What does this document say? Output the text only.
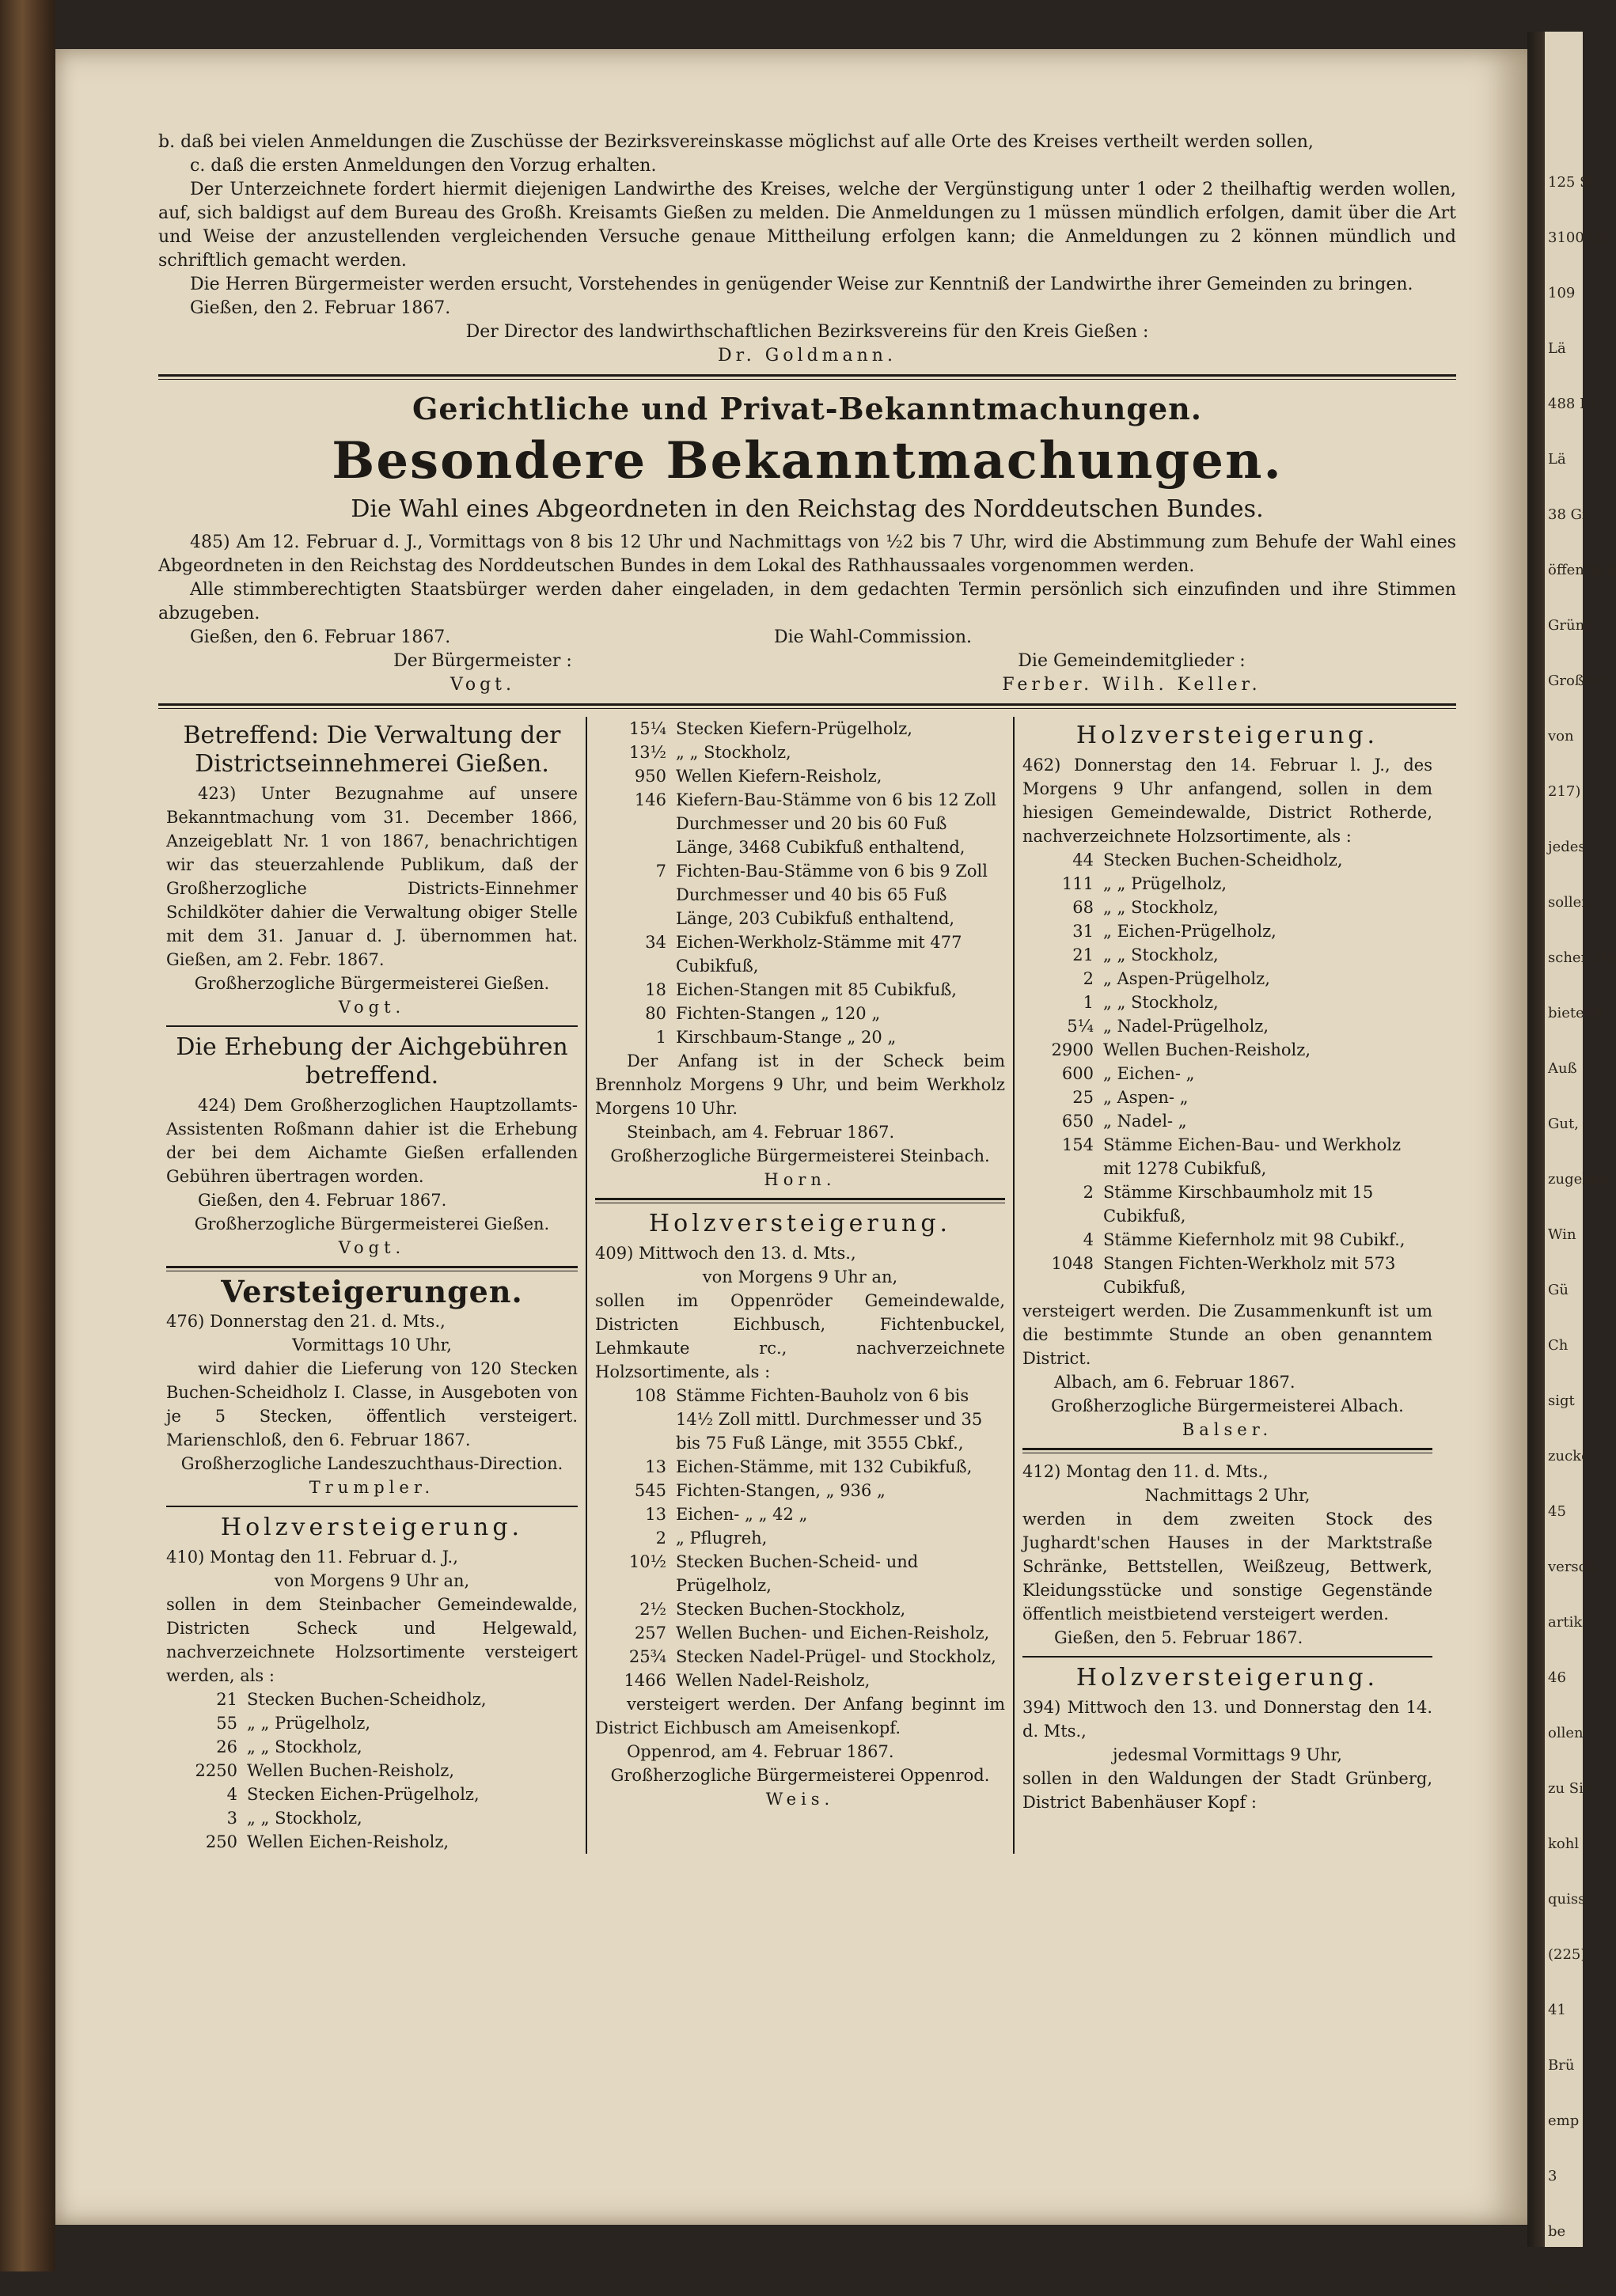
125 St
3100 Gü
109
Lä
488 Ki
Lä
38 Gi
öffentlich
Grünb
Großher
von
217)
jedes
sollen
schen Ho
bietend
Auß
Gut,
zugeben
Win
Gü
Ch
sigt
zucke
45
versch
artik
46
ollen
zu Sie
kohl
quiss
(225)
41
Brü
emp
3
be
de

b. daß bei vielen Anmeldungen die Zuschüsse der Bezirksvereinskasse möglichst auf alle Orte des Kreises vertheilt werden sollen,

c. daß die ersten Anmeldungen den Vorzug erhalten.

Der Unterzeichnete fordert hiermit diejenigen Landwirthe des Kreises, welche der Vergünstigung unter 1 oder 2 theilhaftig werden wollen, auf, sich baldigst auf dem Bureau des Großh. Kreisamts Gießen zu melden. Die Anmeldungen zu 1 müssen mündlich erfolgen, damit über die Art und Weise der anzustellenden vergleichenden Versuche genaue Mittheilung erfolgen kann; die Anmeldungen zu 2 können mündlich und schriftlich gemacht werden.

Die Herren Bürgermeister werden ersucht, Vorstehendes in genügender Weise zur Kenntniß der Landwirthe ihrer Gemeinden zu bringen.

Gießen, den 2. Februar 1867.

Der Director des landwirthschaftlichen Bezirksvereins für den Kreis Gießen :

Dr. Goldmann.

Gerichtliche und Privat-Bekanntmachungen.
Besondere Bekanntmachungen.
Die Wahl eines Abgeordneten in den Reichstag des Norddeutschen Bundes.

485) Am 12. Februar d. J., Vormittags von 8 bis 12 Uhr und Nachmittags von ½2 bis 7 Uhr, wird die Abstimmung zum Behufe der Wahl eines Abgeordneten in den Reichstag des Norddeutschen Bundes in dem Lokal des Rathhaussaales vorgenommen werden.

Alle stimmberechtigten Staatsbürger werden daher eingeladen, in dem gedachten Termin persönlich sich einzufinden und ihre Stimmen abzugeben.

Gießen, den 6. Februar 1867.	Die Wahl-Commission.
Der Bürgermeister :
Vogt.
Die Gemeindemitglieder :
Ferber. Wilh. Keller.
Betreffend: Die Verwaltung der Districtseinnehmerei Gießen.

423) Unter Bezugnahme auf unsere Bekanntmachung vom 31. December 1866, Anzeigeblatt Nr. 1 von 1867, benachrichtigen wir das steuerzahlende Publikum, daß der Großherzogliche Districts-Einnehmer Schildköter dahier die Verwaltung obiger Stelle mit dem 31. Januar d. J. übernommen hat. Gießen, am 2. Febr. 1867.

Großherzogliche Bürgermeisterei Gießen.
Vogt.
Die Erhebung der Aichgebühren betreffend.

424) Dem Großherzoglichen Hauptzollamts-Assistenten Roßmann dahier ist die Erhebung der bei dem Aichamte Gießen erfallenden Gebühren übertragen worden.

Gießen, den 4. Februar 1867.

Großherzogliche Bürgermeisterei Gießen.
Vogt.
Versteigerungen.

476) Donnerstag den 21. d. Mts.,

Vormittags 10 Uhr,

wird dahier die Lieferung von 120 Stecken Buchen-Scheidholz I. Classe, in Ausgeboten von je 5 Stecken, öffentlich versteigert. Marienschloß, den 6. Februar 1867.

Großherzogliche Landeszuchthaus-Direction.
Trumpler.
Holzversteigerung.

410) Montag den 11. Februar d. J.,

von Morgens 9 Uhr an,

sollen in dem Steinbacher Gemeindewalde, Districten Scheck und Helgewald, nachverzeichnete Holzsortimente versteigert werden, als :

21 Stecken Buchen-Scheidholz,
55 „ „ Prügelholz,
26 „ „ Stockholz,
2250 Wellen Buchen-Reisholz,
4 Stecken Eichen-Prügelholz,
3 „ „ Stockholz,
250 Wellen Eichen-Reisholz,
15¼ Stecken Kiefern-Prügelholz,
13½ „ „ Stockholz,
950 Wellen Kiefern-Reisholz,
146 Kiefern-Bau-Stämme von 6 bis 12 Zoll Durchmesser und 20 bis 60 Fuß Länge, 3468 Cubikfuß enthaltend,
7 Fichten-Bau-Stämme von 6 bis 9 Zoll Durchmesser und 40 bis 65 Fuß Länge, 203 Cubikfuß enthaltend,
34 Eichen-Werkholz-Stämme mit 477 Cubikfuß,
18 Eichen-Stangen mit 85 Cubikfuß,
80 Fichten-Stangen „ 120 „
1 Kirschbaum-Stange „ 20 „

Der Anfang ist in der Scheck beim Brennholz Morgens 9 Uhr, und beim Werkholz Morgens 10 Uhr.

Steinbach, am 4. Februar 1867.

Großherzogliche Bürgermeisterei Steinbach.
Horn.
Holzversteigerung.

409) Mittwoch den 13. d. Mts.,

von Morgens 9 Uhr an,

sollen im Oppenröder Gemeindewalde, Districten Eichbusch, Fichtenbuckel, Lehmkaute rc., nachverzeichnete Holzsortimente, als :

108 Stämme Fichten-Bauholz von 6 bis 14½ Zoll mittl. Durchmesser und 35 bis 75 Fuß Länge, mit 3555 Cbkf.,
13 Eichen-Stämme, mit 132 Cubikfuß,
545 Fichten-Stangen, „ 936 „
13 Eichen- „ „ 42 „
2 „ Pflugreh,
10½ Stecken Buchen-Scheid- und Prügelholz,
2½ Stecken Buchen-Stockholz,
257 Wellen Buchen- und Eichen-Reisholz,
25¾ Stecken Nadel-Prügel- und Stockholz,
1466 Wellen Nadel-Reisholz,

versteigert werden. Der Anfang beginnt im District Eichbusch am Ameisenkopf.

Oppenrod, am 4. Februar 1867.

Großherzogliche Bürgermeisterei Oppenrod.
Weis.
Holzversteigerung.

462) Donnerstag den 14. Februar l. J., des Morgens 9 Uhr anfangend, sollen in dem hiesigen Gemeindewalde, District Rotherde, nachverzeichnete Holzsortimente, als :

44 Stecken Buchen-Scheidholz,
111 „ „ Prügelholz,
68 „ „ Stockholz,
31 „ Eichen-Prügelholz,
21 „ „ Stockholz,
2 „ Aspen-Prügelholz,
1 „ „ Stockholz,
5¼ „ Nadel-Prügelholz,
2900 Wellen Buchen-Reisholz,
600 „ Eichen- „
25 „ Aspen- „
650 „ Nadel- „
154 Stämme Eichen-Bau- und Werkholz mit 1278 Cubikfuß,
2 Stämme Kirschbaumholz mit 15 Cubikfuß,
4 Stämme Kiefernholz mit 98 Cubikf.,
1048 Stangen Fichten-Werkholz mit 573 Cubikfuß,

versteigert werden. Die Zusammenkunft ist um die bestimmte Stunde an oben genanntem District.

Albach, am 6. Februar 1867.

Großherzogliche Bürgermeisterei Albach.
Balser.

412) Montag den 11. d. Mts.,

Nachmittags 2 Uhr,

werden in dem zweiten Stock des Jughardt'schen Hauses in der Marktstraße Schränke, Bettstellen, Weißzeug, Bettwerk, Kleidungsstücke und sonstige Gegenstände öffentlich meistbietend versteigert werden.

Gießen, den 5. Februar 1867.

Holzversteigerung.

394) Mittwoch den 13. und Donnerstag den 14. d. Mts.,

jedesmal Vormittags 9 Uhr,

sollen in den Waldungen der Stadt Grünberg, District Babenhäuser Kopf :
